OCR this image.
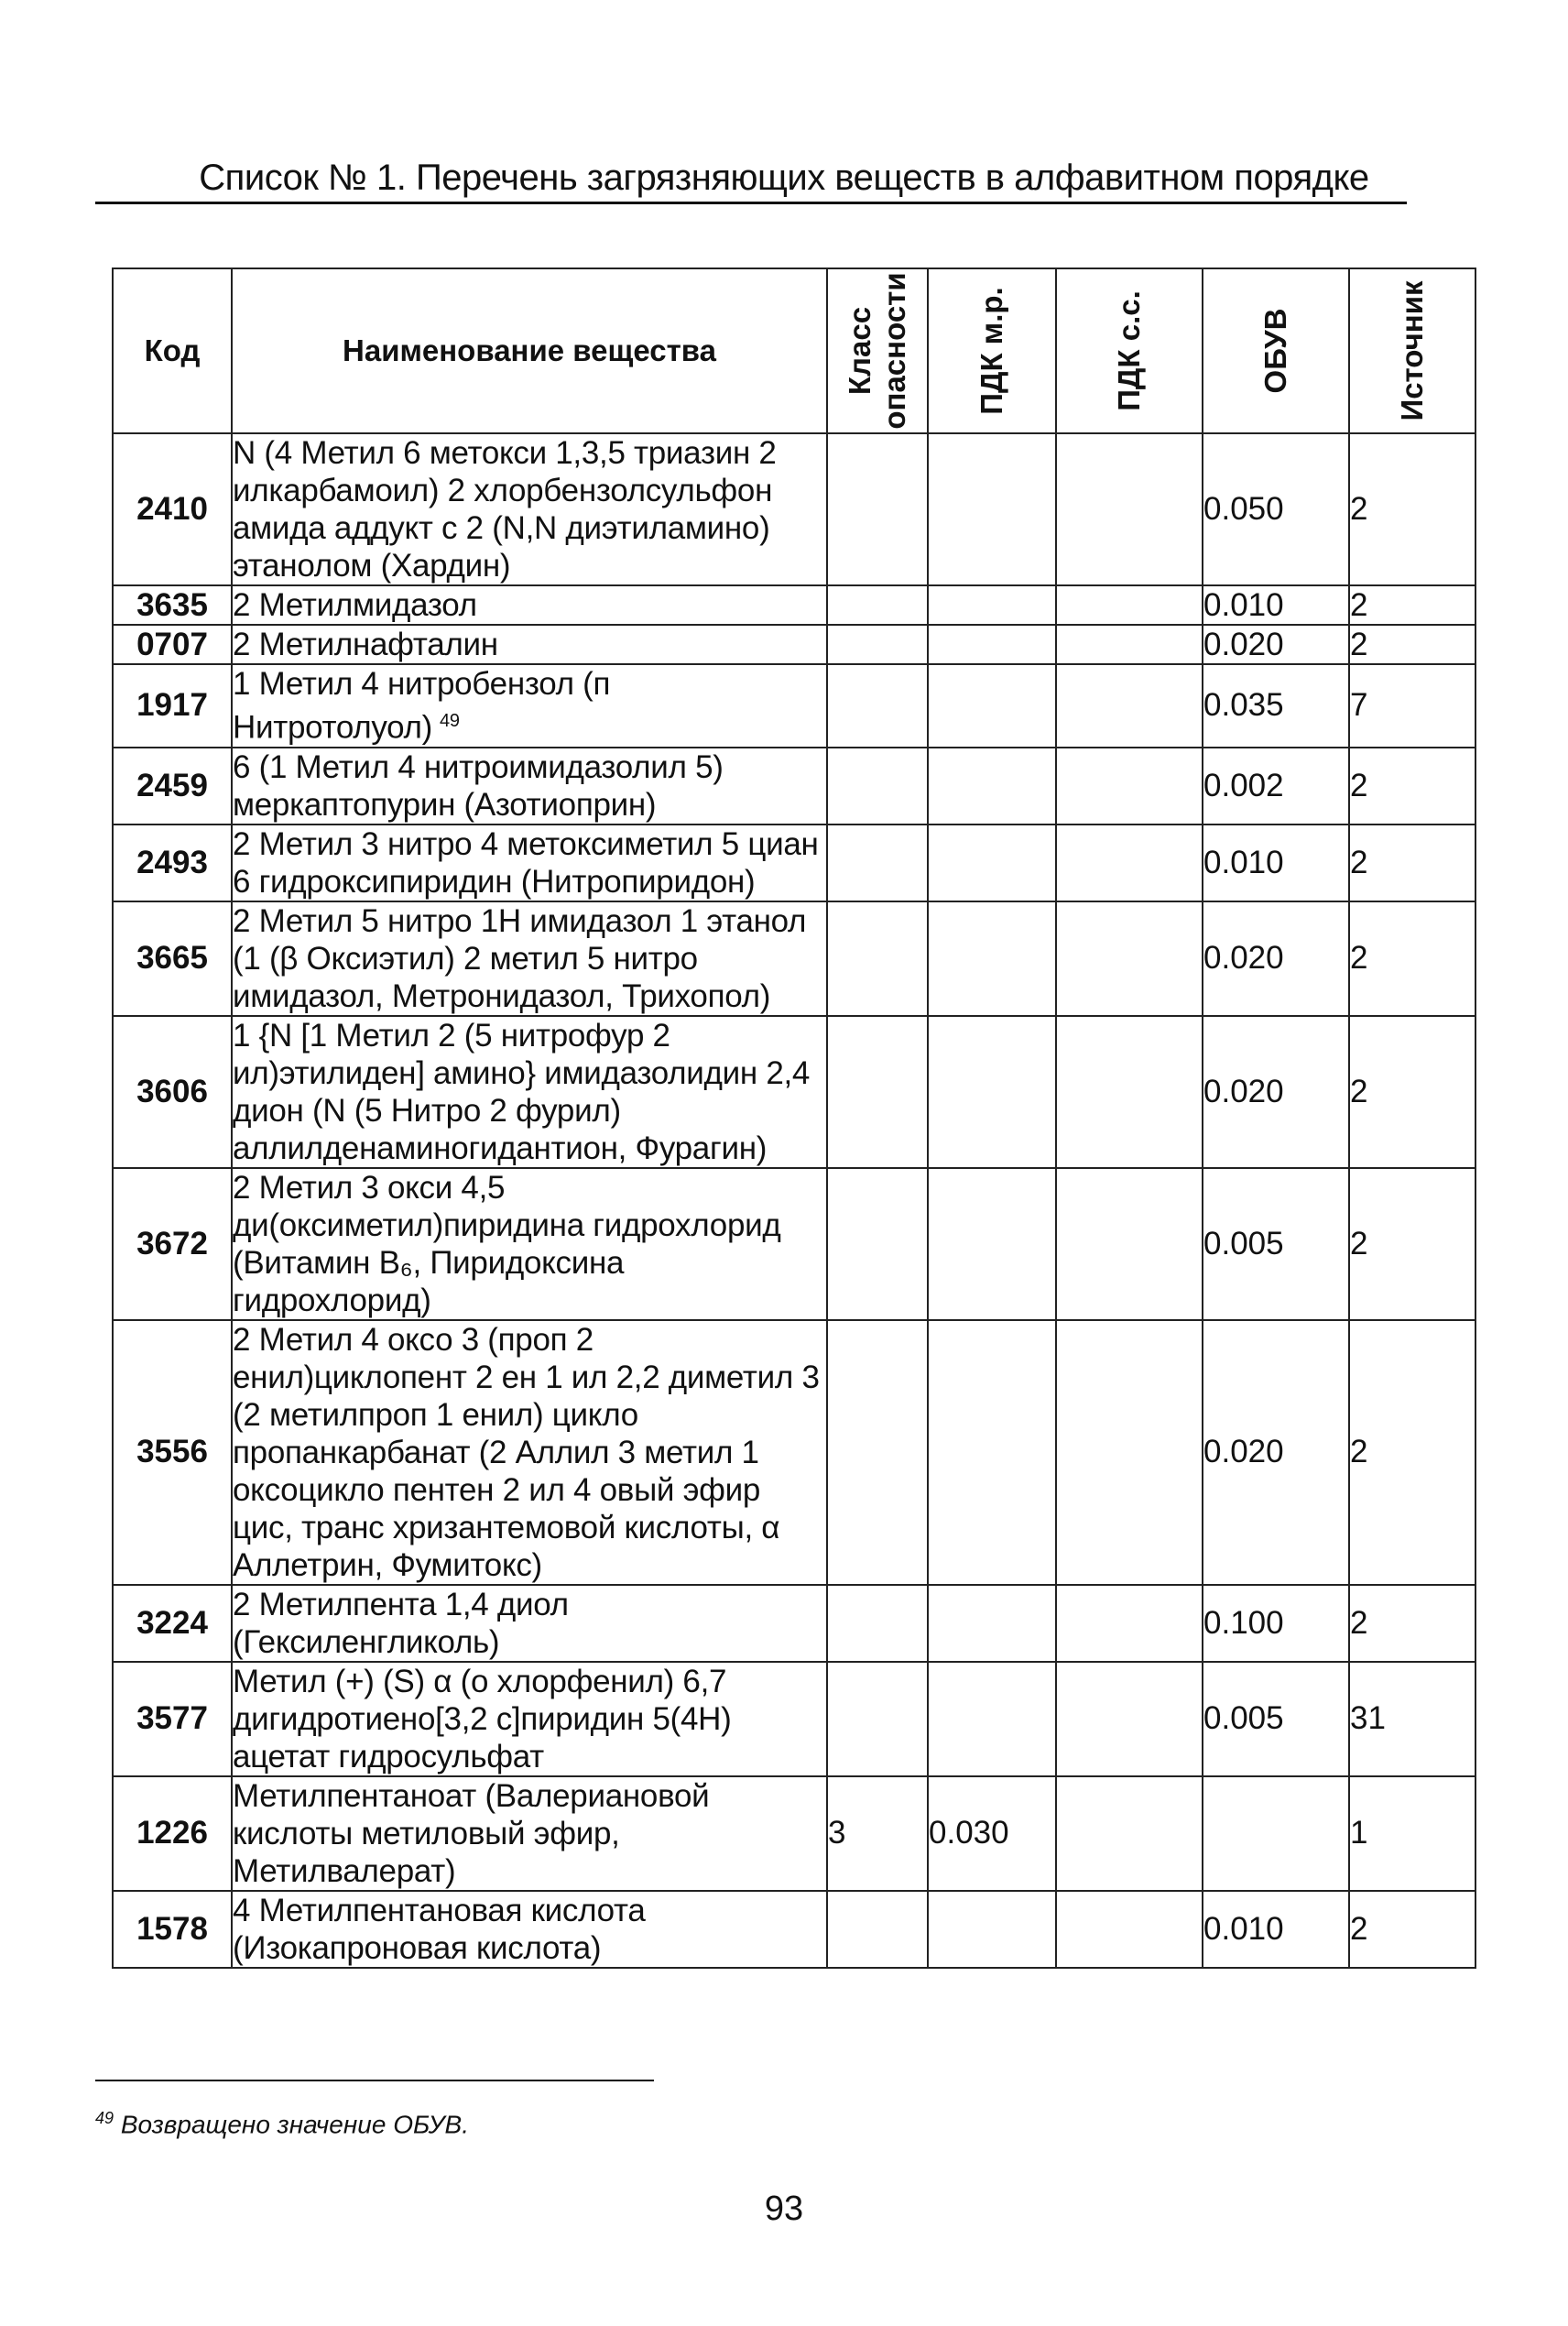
Список № 1. Перечень загрязняющих веществ в алфавитном порядке
Код	Наименование вещества	Класс опасности	ПДК м.р.	ПДК с.с.	ОБУВ	Источник

2410	N (4 Метил 6 метокси 1,3,5 триазин 2 илкарбамоил) 2 хлорбензолсульфон амида аддукт с 2 (N,N диэтиламино) этанолом (Хардин)				0.050	2
3635	2 Метилмидазол				0.010	2
0707	2 Метилнафталин				0.020	2
1917	1 Метил 4 нитробензол (п Нитротолуол) $^{49}$				0.035	7
2459	6 (1 Метил 4 нитроимидазолил 5) меркаптопурин (Азотиоприн)				0.002	2
2493	2 Метил 3 нитро 4 метоксиметил 5 циан 6 гидроксипиридин (Нитропиридон)				0.010	2
3665	2 Метил 5 нитро 1Н имидазол 1 этанол (1 (β Оксиэтил) 2 метил 5 нитро имидазол, Метронидазол, Трихопол)				0.020	2
3606	1 {N [1 Метил 2 (5 нитрофур 2 ил)этилиден] амино} имидазолидин 2,4 дион (N (5 Нитро 2 фурил) аллилденаминогидантион, Фурагин)				0.020	2
3672	2 Метил 3 окси 4,5 ди(оксиметил)пиридина гидрохлорид (Витамин B₆, Пиридоксина гидрохлорид)				0.005	2
3556	2 Метил 4 оксо 3 (проп 2 енил)циклопент 2 ен 1 ил 2,2 диметил 3 (2 метилпроп 1 енил) цикло пропанкарбанат (2 Аллил 3 метил 1 оксоцикло пентен 2 ил 4 овый эфир цис, транс хризантемовой кислоты, α Аллетрин, Фумитокс)				0.020	2
3224	2 Метилпента 1,4 диол (Гексиленгликоль)				0.100	2
3577	Метил (+) (S) α (о хлорфенил) 6,7 дигидротиено[3,2 с]пиридин 5(4Н) ацетат гидросульфат				0.005	31
1226	Метилпентаноат (Валериановой кислоты метиловый эфир, Метилвалерат)	3	0.030			1
1578	4 Метилпентановая кислота (Изокапроновая кислота)				0.010	2
$^{49}$ Возвращено значение ОБУВ.
93
